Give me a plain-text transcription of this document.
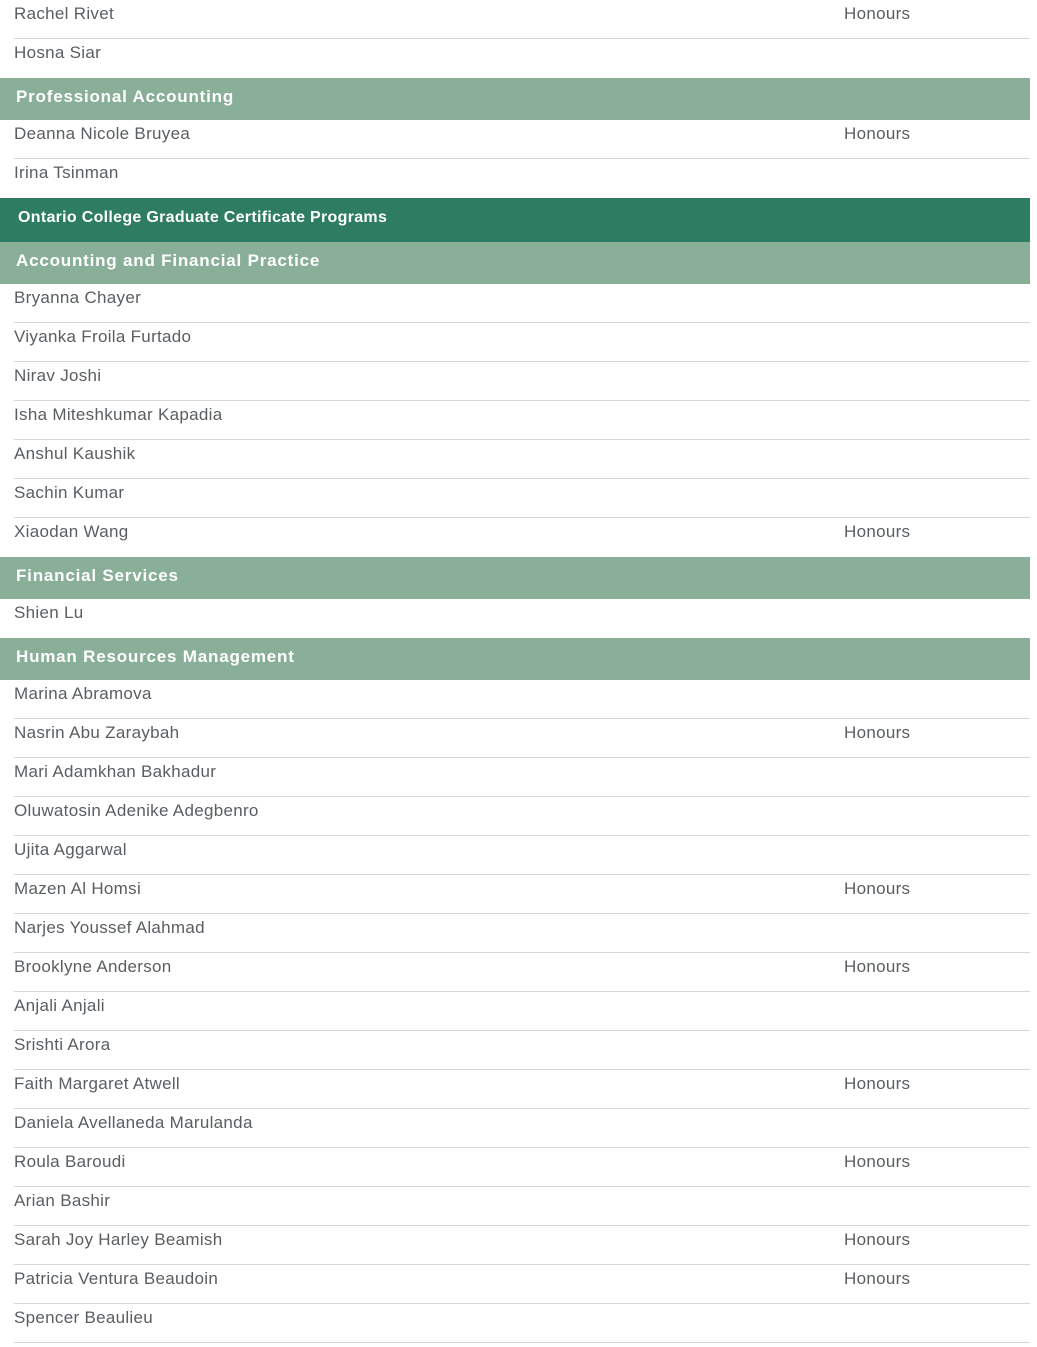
Rachel Rivet	Honours
Hosna Siar
Professional Accounting
Deanna Nicole Bruyea	Honours
Irina Tsinman
Ontario College Graduate Certificate Programs
Accounting and Financial Practice
Bryanna Chayer
Viyanka Froila Furtado
Nirav Joshi
Isha Miteshkumar Kapadia
Anshul Kaushik
Sachin Kumar
Xiaodan Wang	Honours
Financial Services
Shien Lu
Human Resources Management
Marina Abramova
Nasrin Abu Zaraybah	Honours
Mari Adamkhan Bakhadur
Oluwatosin Adenike Adegbenro
Ujita Aggarwal
Mazen Al Homsi	Honours
Narjes Youssef Alahmad
Brooklyne Anderson	Honours
Anjali Anjali
Srishti Arora
Faith Margaret Atwell	Honours
Daniela Avellaneda Marulanda
Roula Baroudi	Honours
Arian Bashir
Sarah Joy Harley Beamish	Honours
Patricia Ventura Beaudoin	Honours
Spencer Beaulieu
